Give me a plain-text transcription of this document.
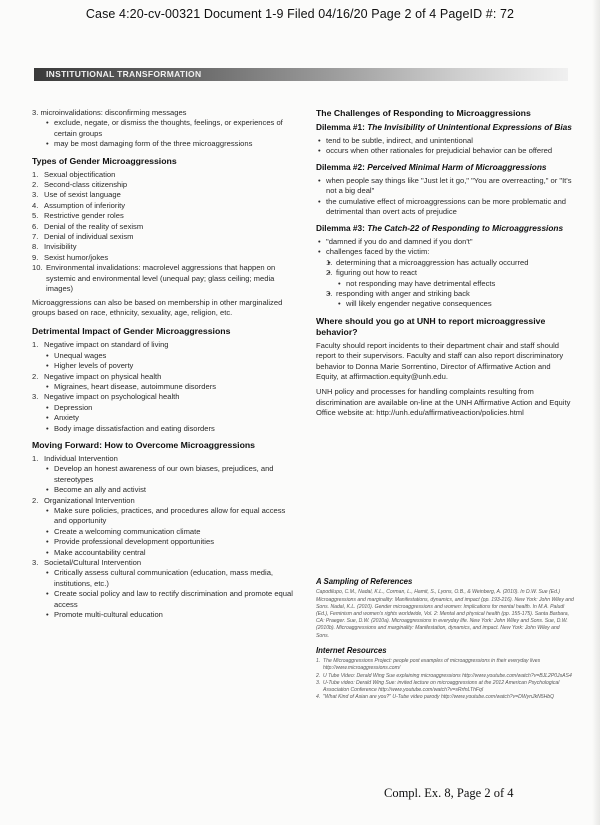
Case 4:20-cv-00321 Document 1-9 Filed 04/16/20 Page 2 of 4 PageID #: 72
INSTITUTIONAL TRANSFORMATION

3. microinvalidations: disconfirming messages

• exclude, negate, or dismiss the thoughts, feelings, or experiences of certain groups
• may be most damaging form of the three microaggressions
Types of Gender Microaggressions
1. Sexual objectification
2. Second-class citizenship
3. Use of sexist language
4. Assumption of inferiority
5. Restrictive gender roles
6. Denial of the reality of sexism
7. Denial of individual sexism
8. Invisibility
9. Sexist humor/jokes
10. Environmental invalidations: macrolevel aggressions that happen on systemic and environmental level (unequal pay; glass ceiling; media images)

Microaggressions can also be based on membership in other marginalized groups based on race, ethnicity, sexuality, age, religion, etc.

Detrimental Impact of Gender Microaggressions
1. Negative impact on standard of living
• Unequal wages
• Higher levels of poverty
2. Negative impact on physical health
• Migraines, heart disease, autoimmune disorders
3. Negative impact on psychological health
• Depression
• Anxiety
• Body image dissatisfaction and eating disorders
Moving Forward: How to Overcome Microaggressions
1. Individual Intervention
• Develop an honest awareness of our own biases, prejudices, and stereotypes
• Become an ally and activist
2. Organizational Intervention
• Make sure policies, practices, and procedures allow for equal access and opportunity
• Create a welcoming communication climate
• Provide professional development opportunities
• Make accountability central
3. Societal/Cultural Intervention
• Critically assess cultural communication (education, mass media, institutions, etc.)
• Create social policy and law to rectify discrimination and promote equal access
• Promote multi-cultural education
The Challenges of Responding to Microaggressions
Dilemma #1: The Invisibility of Unintentional Expressions of Bias
• tend to be subtle, indirect, and unintentional
• occurs when other rationales for prejudicial behavior can be offered
Dilemma #2: Perceived Minimal Harm of Microaggressions
• when people say things like "Just let it go," "You are overreacting," or "It's not a big deal"
• the cumulative effect of microaggressions can be more problematic and detrimental than overt acts of prejudice
Dilemma #3: The Catch-22 of Responding to Microaggressions
• "damned if you do and damned if you don't"
• challenges faced by the victim:
• 1. determining that a microaggression has actually occurred
• 2. figuring out how to react
• not responding may have detrimental effects
• 3. responding with anger and striking back
• will likely engender negative consequences
Where should you go at UNH to report microaggressive behavior?

Faculty should report incidents to their department chair and staff should report to their supervisors. Faculty and staff can also report discriminatory behavior to Donna Marie Sorrentino, Director of Affirmative Action and Equity, at affirmaction.equity@unh.edu.

UNH policy and processes for handling complaints resulting from discrimination are available on-line at the UNH Affirmative Action and Equity Office website at: http://unh.edu/affirmativeaction/policies.html

A Sampling of References
Capodilupo, C.M., Nadal, K.L., Corman, L., Hamit, S., Lyons, O.B., & Weinberg, A. (2010). In D.W. Sue (Ed.) Microaggressions and marginality: Manifestations, dynamics, and impact (pp. 193-216). New York: John Wiley and Sons. Nadal, K.L. (2010). Gender microaggressions and women: Implications for mental health. In M.A. Paludi (Ed.), Feminism and women's rights worldwide, Vol. 2: Mental and physical health (pp. 155-175). Santa Barbara, CA: Praeger. Sue, D.W. (2010a). Microaggressions in everyday life. New York: John Wiley and Sons. Sue, D.W. (2010b). Microaggressions and marginality: Manifestation, dynamics, and impact. New York: John Wiley and Sons.
Internet Resources
1. The Microaggressions Project: people post examples of microaggressions in their everyday lives http://www.microaggressions.com/
2. U Tube Video: Derald Wing Sue explaining microaggressions http://www.youtube.com/watch?v=BJL2P0JsAS4
3. U-Tube video: Derald Wing Sue: invited lecture on microaggressions at the 2012 American Psychological Association Conference http://www.youtube.com/watch?v=sRrfnLThFqI
4. "What Kind of Asian are you?" U-Tube video parody http://www.youtube.com/watch?v=DWynJkN5HbQ
Compl. Ex. 8, Page 2 of 4
